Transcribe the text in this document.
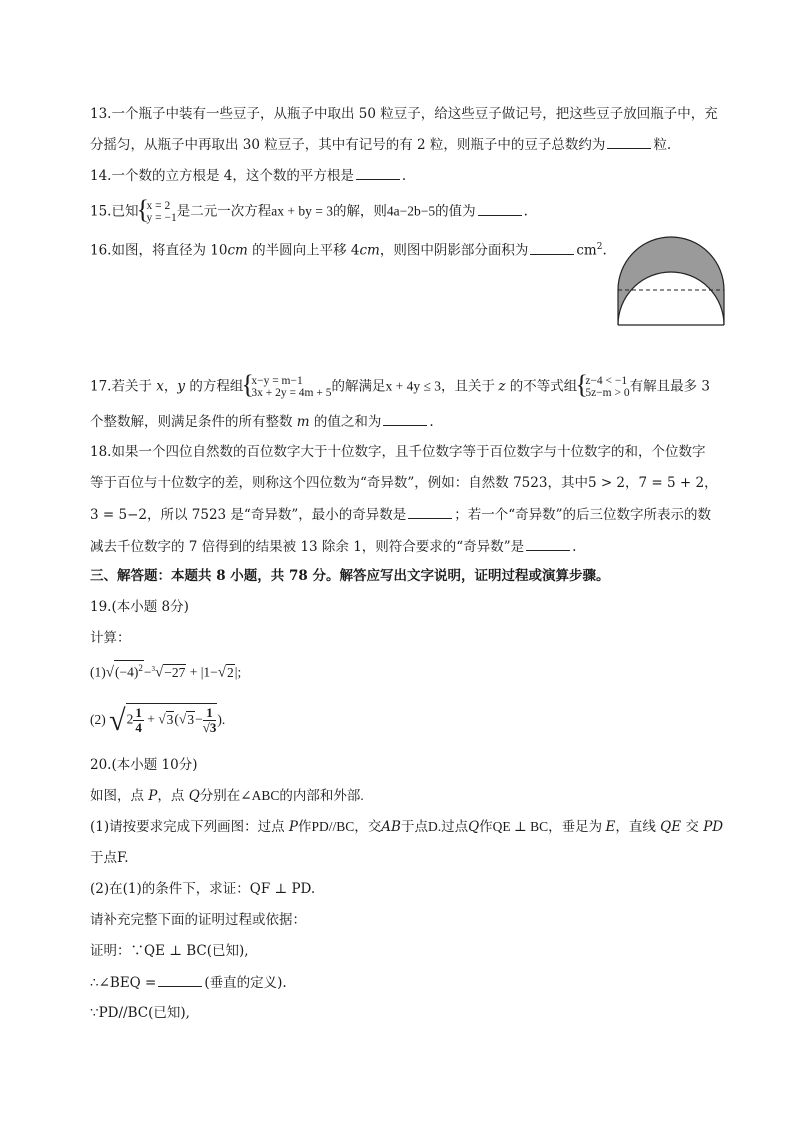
13.一个瓶子中装有一些豆子，从瓶子中取出 50 粒豆子，给这些豆子做记号，把这些豆子放回瓶子中，充
分摇匀，从瓶子中再取出 30 粒豆子，其中有记号的有 2 粒，则瓶子中的豆子总数约为	粒.
14.一个数的立方根是 4，这个数的平方根是	.
15.已知 { x = 2
y = −1 是二元一次方程ax + by = 3的解，则4a−2b−5的值为	.
16.如图，将直径为 10cm 的半圆向上平移 4cm，则图中阴影部分面积为	$cm^2$.
17.若关于 x，y 的方程组 { x−y = m−1
3x + 2y = 4m + 5 的解满足x + 4y ≤ 3，且关于 z 的不等式组 { z−4 < −1
5z−m > 0 有解且最多 3
个整数解，则满足条件的所有整数 m 的值之和为	.
18.如果一个四位自然数的百位数字大于十位数字，且千位数字等于百位数字与十位数字的和，个位数字
等于百位与十位数字的差，则称这个四位数为“奇异数”，例如：自然数 7523，其中5 > 2，7 = 5 + 2，
3 = 5−2，所以 7523 是“奇异数”，最小的奇异数是	；若一个“奇异数”的后三位数字所表示的数
减去千位数字的 7 倍得到的结果被 13 除余 1，则符合要求的“奇异数”是	.
三、解答题：本题共 8 小题，共 78 分。解答应写出文字说明，证明过程或演算步骤。
19.(本小题 8分)
计算：
$(1)√(-4)^2-^3√-27 + |1-√2|$;
(2) $√2 \frac{1}{4} + √3(√3- \frac{1}{√3}$ ).
20.(本小题 10分)
如图，点 P，点 Q分别在∠ABC的内部和外部.
(1)请按要求完成下列画图：过点 P作PD//BC，交AB于点D.过点Q作QE ⊥ BC，垂足为 E，直线 QE 交 PD
于点F.
(2)在(1)的条件下，求证：QF ⊥ PD.
请补充完整下面的证明过程或依据：
证明：∵QE ⊥ BC(已知),
∴∠BEQ =	(垂直的定义).
∵PD//BC(已知),
